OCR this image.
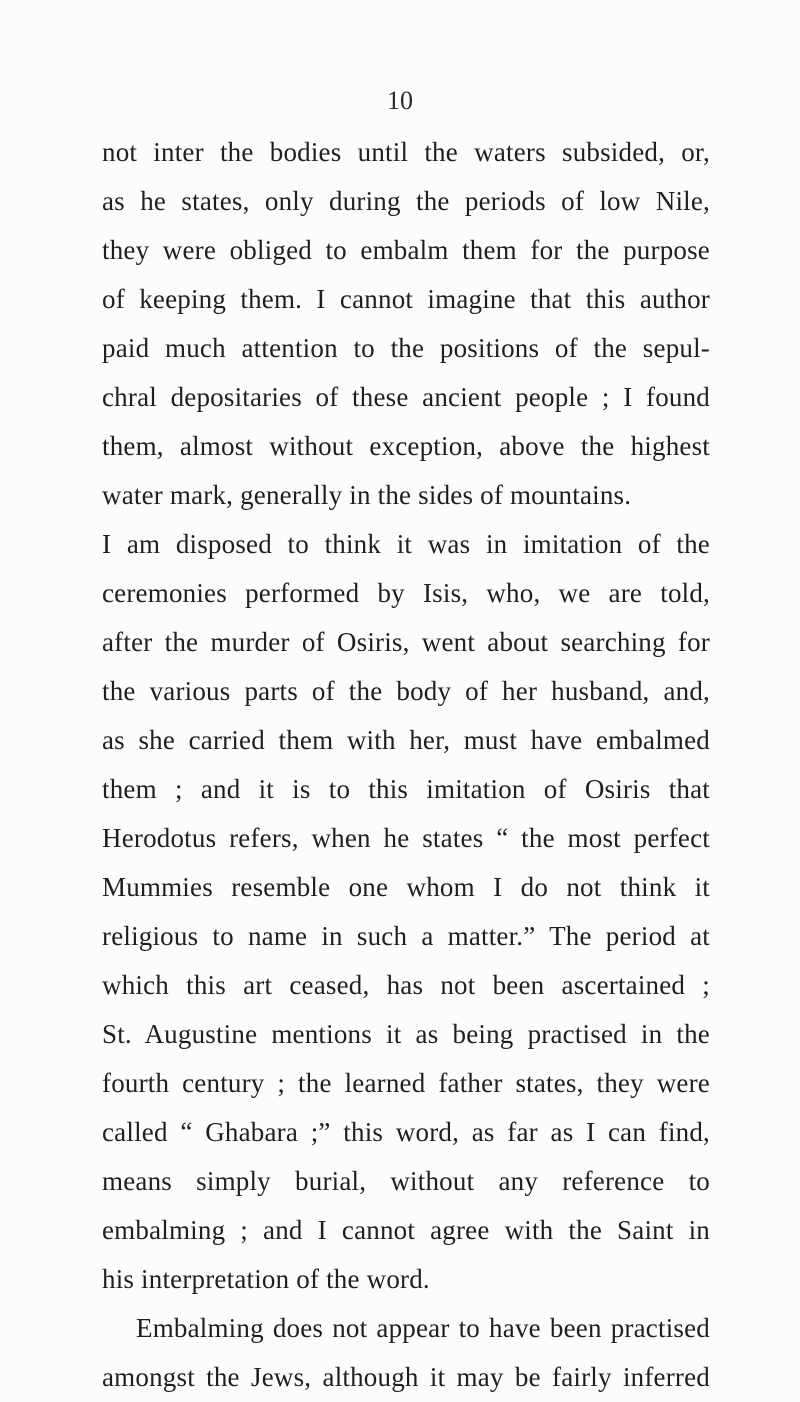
10
not inter the bodies until the waters subsided, or,
as he states, only during the periods of low Nile,
they were obliged to embalm them for the purpose
of keeping them. I cannot imagine that this author
paid much attention to the positions of the sepul-
chral depositaries of these ancient people ; I found
them, almost without exception, above the highest
water mark, generally in the sides of mountains.
I am disposed to think it was in imitation of the
ceremonies performed by Isis, who, we are told,
after the murder of Osiris, went about searching for
the various parts of the body of her husband, and,
as she carried them with her, must have embalmed
them ; and it is to this imitation of Osiris that
Herodotus refers, when he states “ the most perfect
Mummies resemble one whom I do not think it
religious to name in such a matter.” The period at
which this art ceased, has not been ascertained ;
St. Augustine mentions it as being practised in the
fourth century ; the learned father states, they were
called “ Ghabara ;” this word, as far as I can find,
means simply burial, without any reference to
embalming ; and I cannot agree with the Saint in
his interpretation of the word.
Embalming does not appear to have been practised
amongst the Jews, although it may be fairly inferred
